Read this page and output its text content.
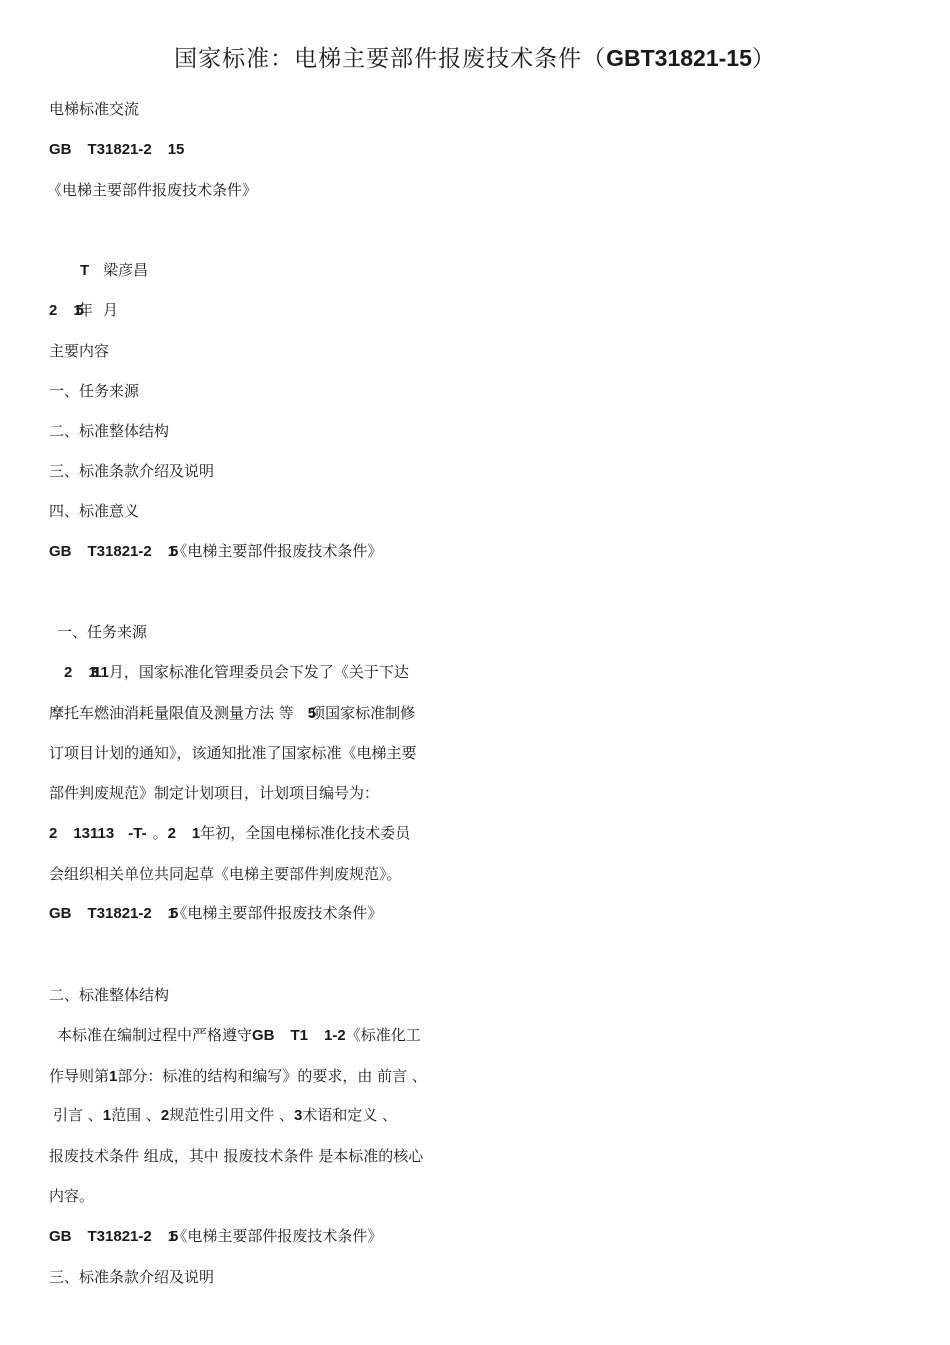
国家标准：电梯主要部件报废技术条件（GBT31821-15）
电梯标准交流
GB T31821-2 15
《电梯主要部件报废技术条件》
T 梁彦昌
2 15年 月
主要内容
一、任务来源
二、标准整体结构
三、标准条款介绍及说明
四、标准意义
GB T31821-2 15《电梯主要部件报废技术条件》
一、任务来源
2 1311月，国家标准化管理委员会下发了《关于下达
摩托车燃油消耗量限值及测量方法 等 5项国家标准制修
订项目计划的通知》，该通知批准了国家标准《电梯主要
部件判废规范》制定计划项目，计划项目编号为：
2 13113 -T- 。2 1年初，全国电梯标准化技术委员
会组织相关单位共同起草《电梯主要部件判废规范》。
GB T31821-2 15《电梯主要部件报废技术条件》
二、标准整体结构
本标准在编制过程中严格遵守GB T1 1-2《标准化工
作导则第1部分：标准的结构和编写》的要求，由 前言 、
引言 、1范围 、2规范性引用文件 、3术语和定义 、
报废技术条件 组成，其中 报废技术条件 是本标准的核心
内容。
GB T31821-2 15《电梯主要部件报废技术条件》
三、标准条款介绍及说明
